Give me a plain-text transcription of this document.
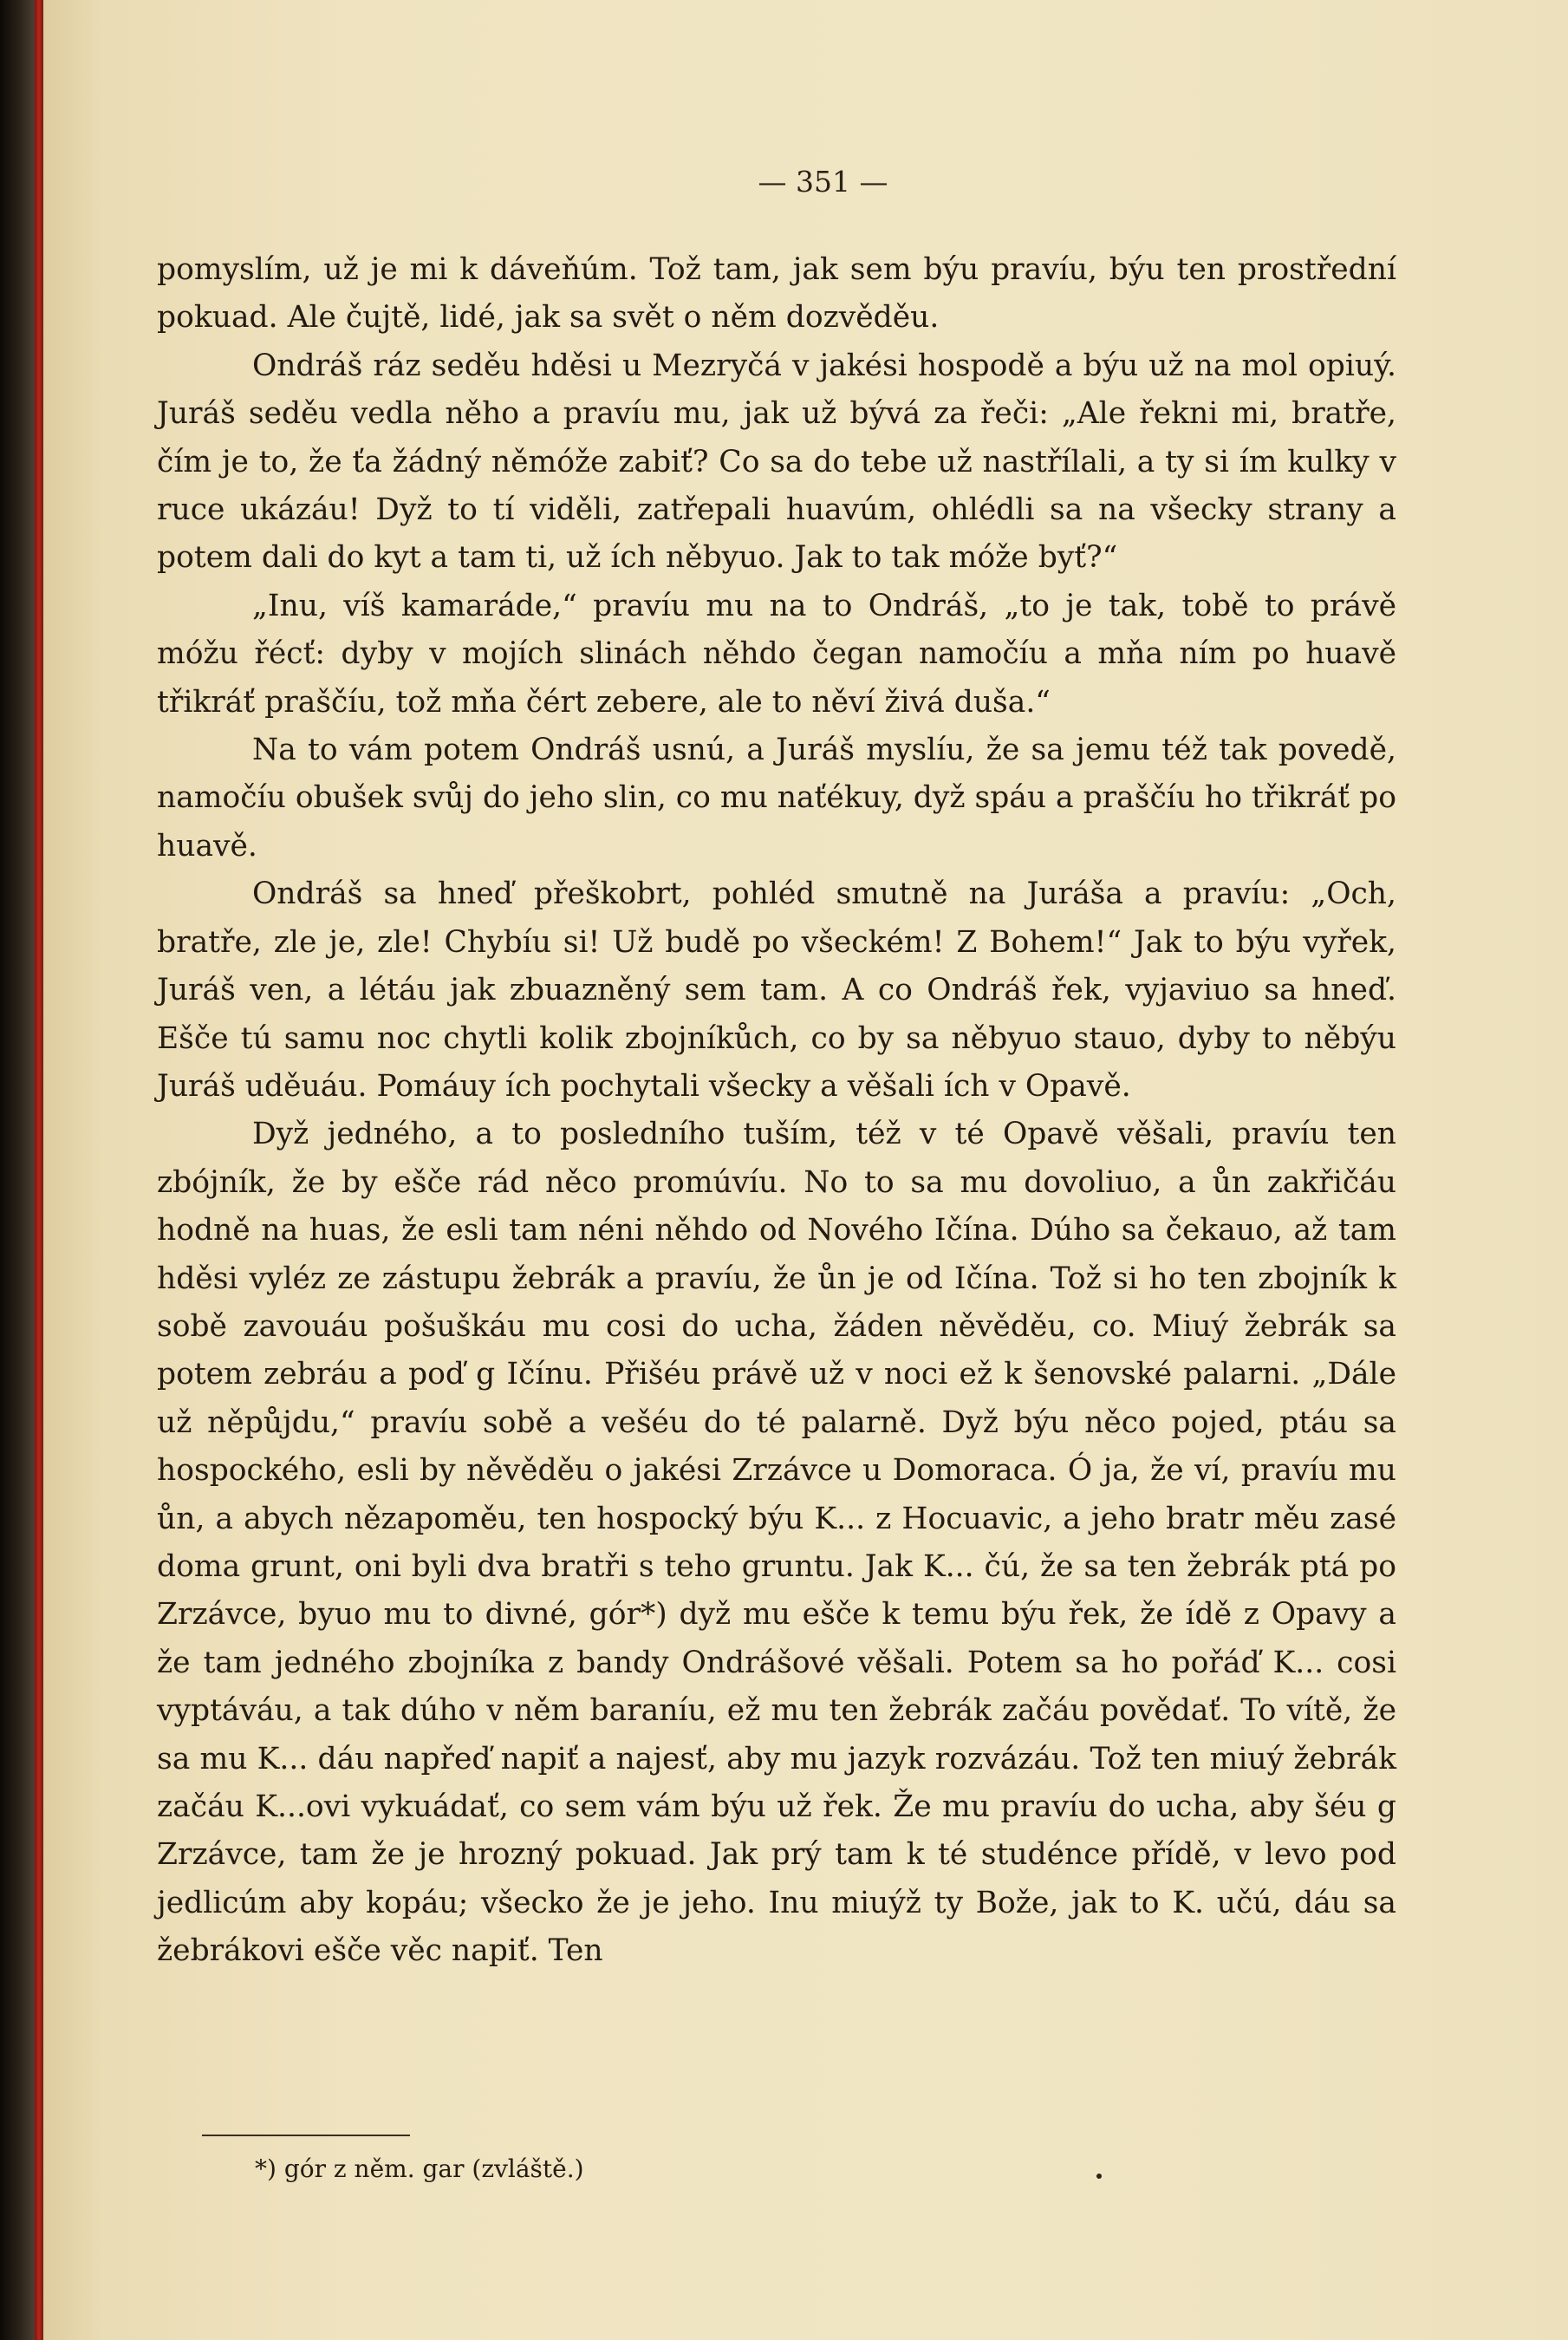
— 351 —

pomyslím, už je mi k dáveňúm. Tož tam, jak sem býu pravíu, býu ten prostřední pokuad. Ale čujtě, lidé, jak sa svět o něm dozvěděu.

Ondráš ráz seděu hděsi u Mezryčá v jakési hospodě a býu už na mol opiuý. Juráš seděu vedla něho a pravíu mu, jak už bývá za řeči: „Ale řekni mi, bratře, čím je to, že ťa žádný němóže zabiť? Co sa do tebe už nastřílali, a ty si ím kulky v ruce ukázáu! Dyž to tí viděli, zatřepali huavúm, ohlédli sa na všecky strany a potem dali do kyt a tam ti, už ích něbyuo. Jak to tak móže byť?“

„Inu, víš kamaráde,“ pravíu mu na to Ondráš, „to je tak, tobě to právě móžu řécť: dyby v mojích slinách něhdo čegan namočíu a mňa ním po huavě třikráť praščíu, tož mňa čért zebere, ale to něví živá duša.“

Na to vám potem Ondráš usnú, a Juráš myslíu, že sa jemu též tak povedě, namočíu obušek svůj do jeho slin, co mu naťékuy, dyž spáu a praščíu ho třikráť po huavě.

Ondráš sa hneď přeškobrt, pohléd smutně na Juráša a pravíu: „Och, bratře, zle je, zle! Chybíu si! Už budě po všeckém! Z Bohem!“ Jak to býu vyřek, Juráš ven, a létáu jak zbuazněný sem tam. A co Ondráš řek, vyjaviuo sa hneď. Ešče tú samu noc chytli kolik zbojníkůch, co by sa něbyuo stauo, dyby to něbýu Juráš uděuáu. Pomáuy ích pochytali všecky a věšali ích v Opavě.

Dyž jedného, a to posledního tuším, též v té Opavě věšali, pravíu ten zbójník, že by ešče rád něco promúvíu. No to sa mu dovoliuo, a ůn zakřičáu hodně na huas, že esli tam néni něhdo od Nového Ičína. Dúho sa čekauo, až tam hděsi vyléz ze zástupu žebrák a pravíu, že ůn je od Ičína. Tož si ho ten zbojník k sobě zavouáu pošuškáu mu cosi do ucha, žáden něvěděu, co. Miuý žebrák sa potem zebráu a poď g Ičínu. Přišéu právě už v noci ež k šenovské palarni. „Dále už něpůjdu,“ pravíu sobě a vešéu do té palarně. Dyž býu něco pojed, ptáu sa hospockého, esli by něvěděu o jakési Zrzávce u Domoraca. Ó ja, že ví, pravíu mu ůn, a abych nězapoměu, ten hospocký býu K... z Hocuavic, a jeho bratr měu zasé doma grunt, oni byli dva bratři s teho gruntu. Jak K... čú, že sa ten žebrák ptá po Zrzávce, byuo mu to divné, gór*) dyž mu ešče k temu býu řek, že ídě z Opavy a že tam jedného zbojníka z bandy Ondrášové věšali. Potem sa ho pořáď K... cosi vyptáváu, a tak dúho v něm baraníu, ež mu ten žebrák začáu povědať. To vítě, že sa mu K... dáu napřeď napiť a najesť, aby mu jazyk rozvázáu. Tož ten miuý žebrák začáu K...ovi vykuádať, co sem vám býu už řek. Že mu pravíu do ucha, aby šéu g Zrzávce, tam že je hrozný pokuad. Jak prý tam k té studénce přídě, v levo pod jedlicúm aby kopáu; všecko že je jeho. Inu miuýž ty Bože, jak to K. učú, dáu sa žebrákovi ešče věc napiť. Ten

*) gór z něm. gar (zvláště.)
